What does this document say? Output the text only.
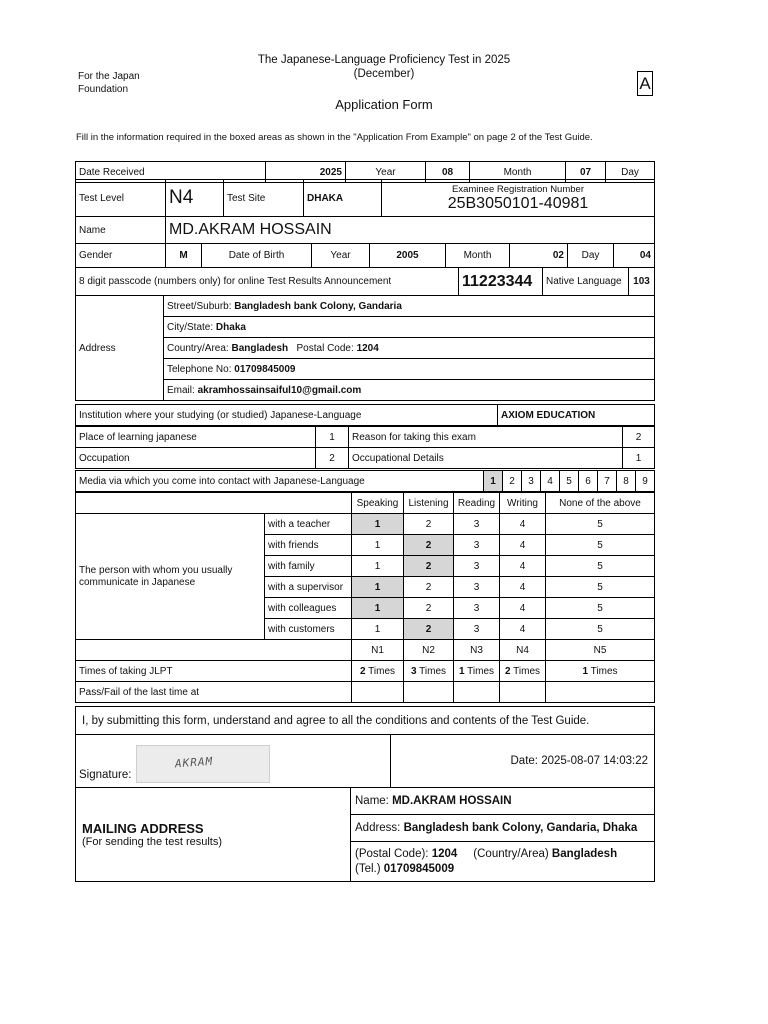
The Japanese-Language Proficiency Test in 2025
(December)
For the Japan
Foundation	A
Application Form
Fill in the information required in the boxed areas as shown in the "Application From Example" on page 2 of the Test Guide.
Date Received	2025	Year	08	Month	07	Day
Test Level	N4	Test Site	DHAKA	
Examinee Registration Number
25B3050101-40981
Name	MD.AKRAM HOSSAIN
Gender	M	Date of Birth	Year	2005	Month	02	Day	04
8 digit passcode (numbers only) for online Test Results Announcement	11223344	Native Language	103
Address	Street/Suburb: Bangladesh bank Colony, Gandaria
City/State: Dhaka
Country/Area: Bangladesh Postal Code: 1204
Telephone No: 01709845009
Email: akramhossainsaiful10@gmail.com
Institution where your studying (or studied) Japanese-Language	AXIOM EDUCATION
Place of learning japanese	1	Reason for taking this exam	2
Occupation	2	Occupational Details	1
Media via which you come into contact with Japanese-Language	1	2	3	4	5	6	7	8	9
		Speaking	Listening	Reading	Writing	None of the above

The person with whom you usually
communicate in Japanese	with a teacher	1	2	3	4	5
	with friends	1	2	3	4	5
	with family	1	2	3	4	5
	with a supervisor	1	2	3	4	5
	with colleagues	1	2	3	4	5
	with customers	1	2	3	4	5
		N1	N2	N3	N4	N5
Times of taking JLPT		2 Times	3 Times	1 Times	2 Times	1 Times
Pass/Fail of the last time at						
I, by submitting this form, understand and agree to all the conditions and contents of the Test Guide.
Signature:
AKRAM	Date: 2025-08-07 14:03:22
MAILING ADDRESS
(For sending the test results)
	Name: MD.AKRAM HOSSAIN
Address: Bangladesh bank Colony, Gandaria, Dhaka

(Postal Code): 1204 (Country/Area) Bangladesh
(Tel.) 01709845009
